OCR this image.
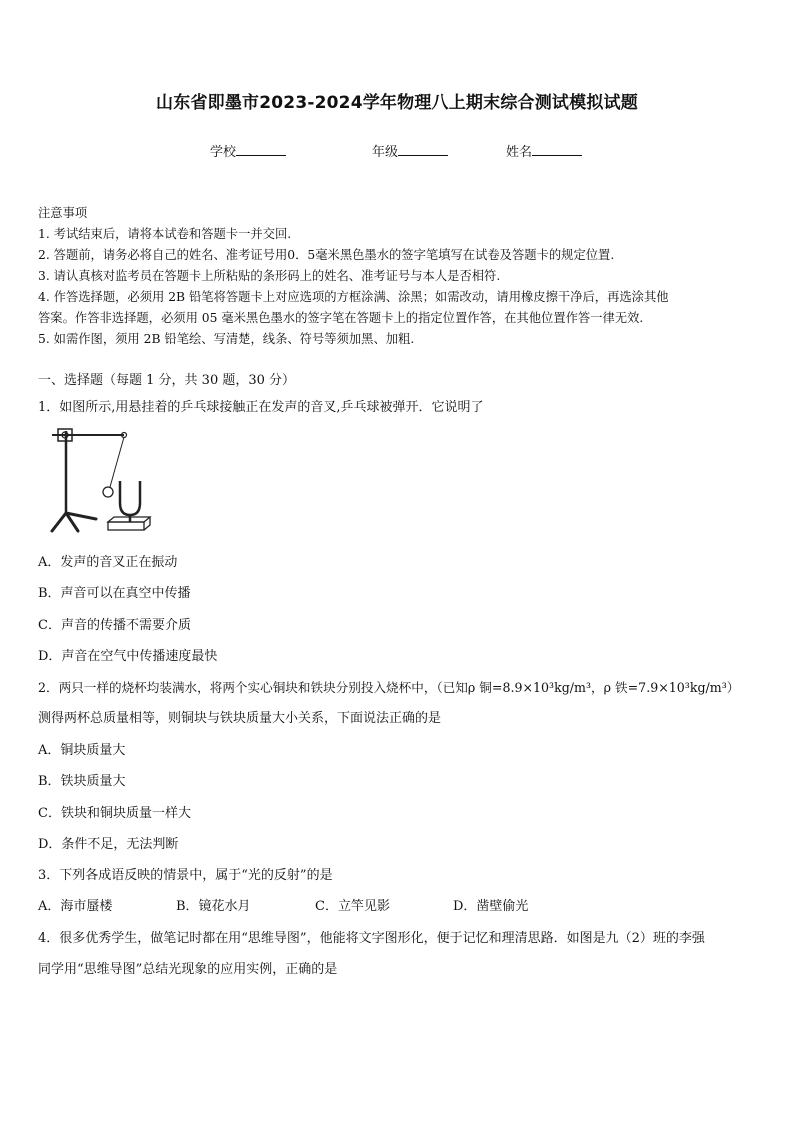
山东省即墨市2023-2024学年物理八上期末综合测试模拟试题
学校	年级	姓名
注意事项
1. 考试结束后，请将本试卷和答题卡一并交回.
2. 答题前，请务必将自己的姓名、准考证号用0．5毫米黑色墨水的签字笔填写在试卷及答题卡的规定位置.
3. 请认真核对监考员在答题卡上所粘贴的条形码上的姓名、准考证号与本人是否相符.
4. 作答选择题，必须用 2B 铅笔将答题卡上对应选项的方框涂满、涂黑；如需改动，请用橡皮擦干净后，再选涂其他
答案。作答非选择题，必须用 05 毫米黑色墨水的签字笔在答题卡上的指定位置作答，在其他位置作答一律无效.
5. 如需作图，须用 2B 铅笔绘、写清楚，线条、符号等须加黑、加粗.
一、选择题（每题 1 分，共 30 题，30 分）
1．如图所示,用悬挂着的乒乓球接触正在发声的音叉,乒乓球被弹开．它说明了
A．发声的音叉正在振动
B．声音可以在真空中传播
C．声音的传播不需要介质
D．声音在空气中传播速度最快
2．两只一样的烧杯均装满水，将两个实心铜块和铁块分别投入烧杯中，（已知ρ 铜=8.9×10³kg/m³，ρ 铁=7.9×10³kg/m³）
测得两杯总质量相等，则铜块与铁块质量大小关系，下面说法正确的是
A．铜块质量大
B．铁块质量大
C．铁块和铜块质量一样大
D．条件不足，无法判断
3．下列各成语反映的情景中，属于“光的反射”的是
A．海市蜃楼	B．镜花水月	C．立竿见影	D．凿壁偷光
4．很多优秀学生，做笔记时都在用“思维导图”，他能将文字图形化，便于记忆和理清思路．如图是九（2）班的李强
同学用“思维导图”总结光现象的应用实例，正确的是
